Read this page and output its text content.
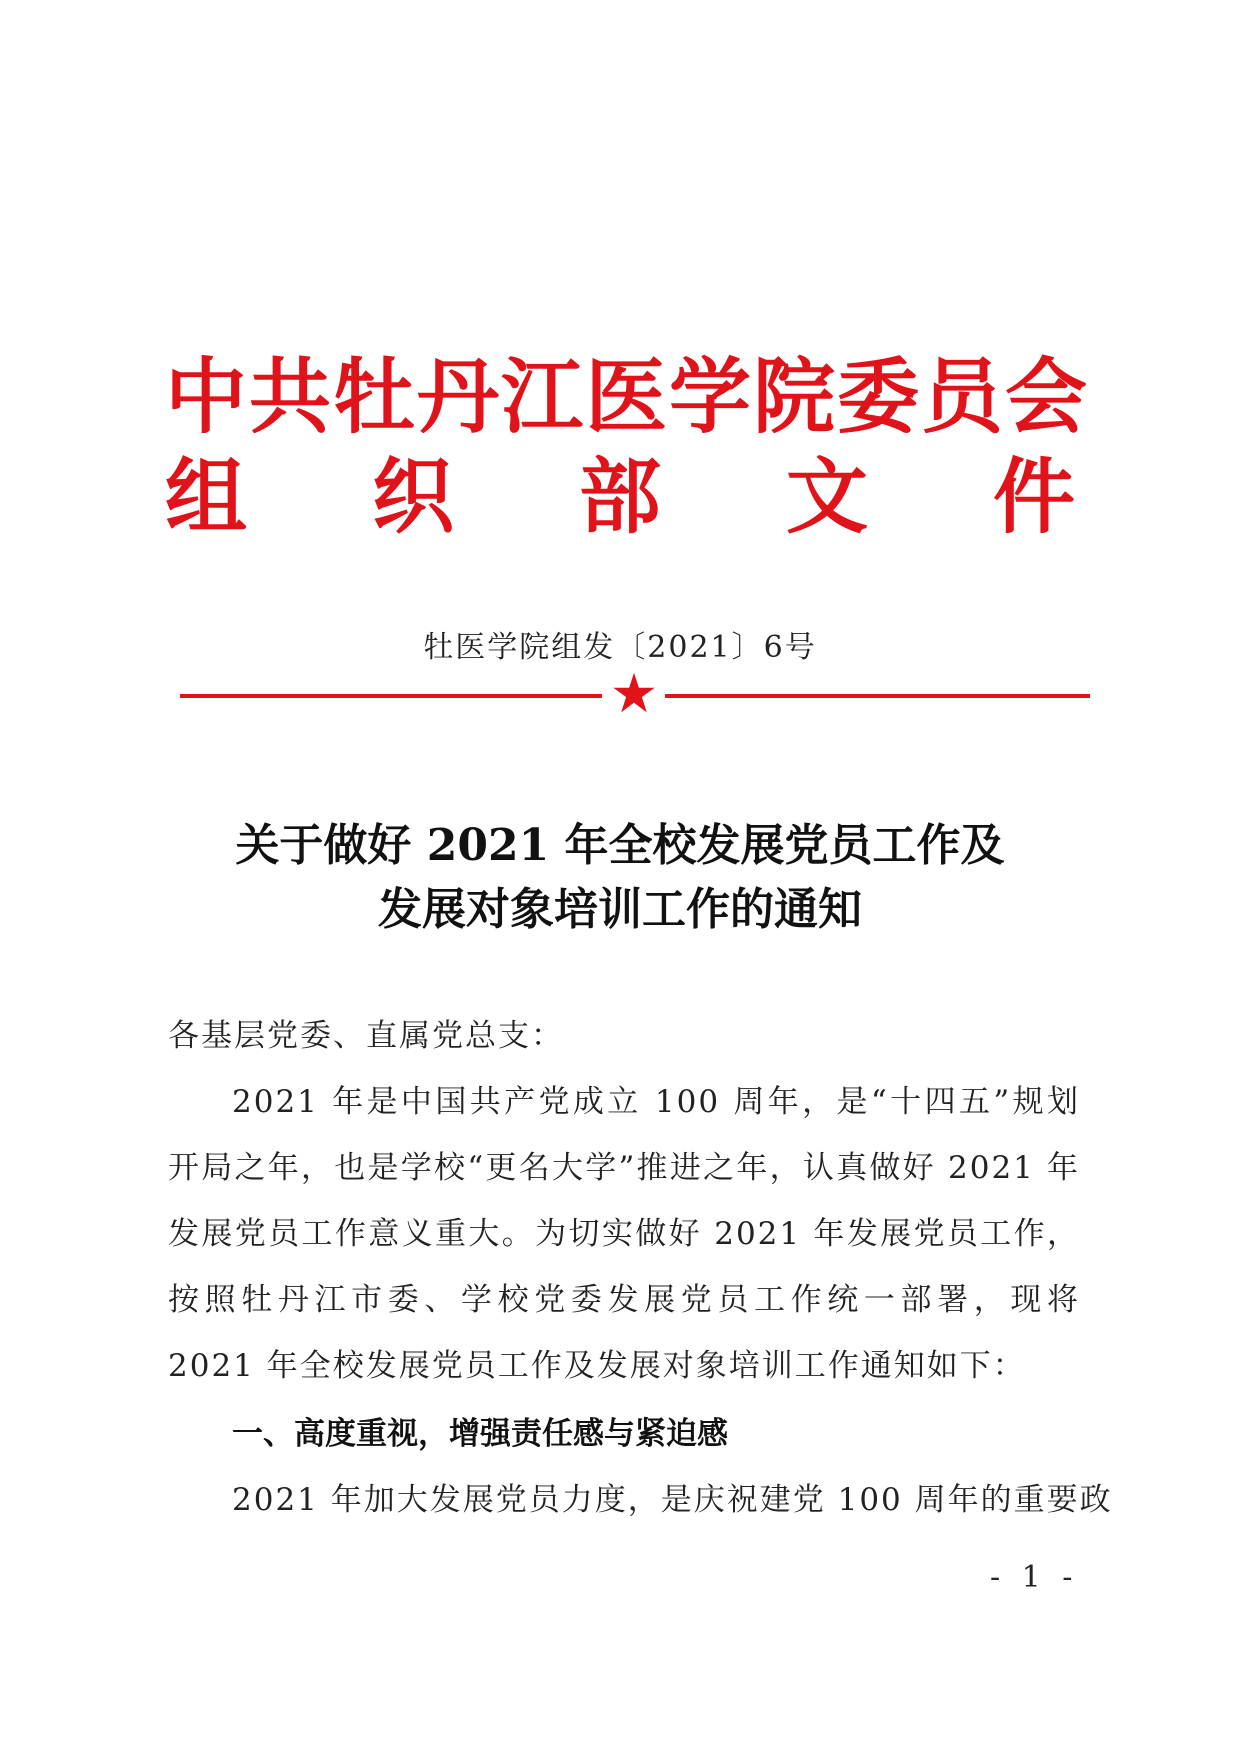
中共牡丹江医学院委员会
组 织 部 文 件
牡医学院组发〔2021〕6号
关于做好 2021 年全校发展党员工作及
发展对象培训工作的通知
各基层党委、直属党总支：
2021 年是中国共产党成立 100 周年，是“十四五”规划开局之年，也是学校“更名大学”推进之年，认真做好 2021 年发展党员工作意义重大。为切实做好 2021 年发展党员工作，按照牡丹江市委、学校党委发展党员工作统一部署，现将 2021 年全校发展党员工作及发展对象培训工作通知如下：
一、高度重视，增强责任感与紧迫感
2021 年加大发展党员力度，是庆祝建党 100 周年的重要政
- 1 -
